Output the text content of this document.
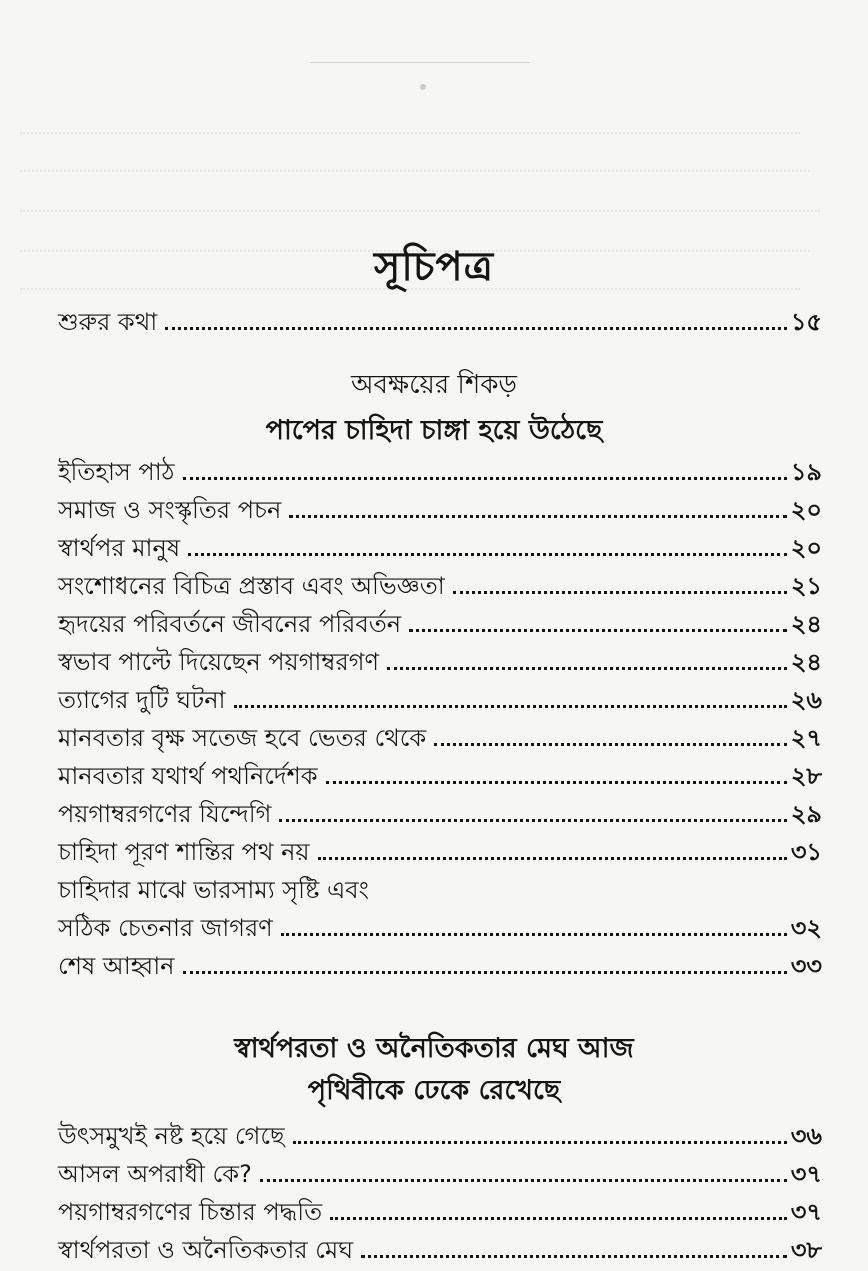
সূচিপত্র
শুরুর কথা	১৫
অবক্ষয়ের শিকড়
পাপের চাহিদা চাঙ্গা হয়ে উঠেছে
ইতিহাস পাঠ	১৯
সমাজ ও সংস্কৃতির পচন	২০
স্বার্থপর মানুষ	২০
সংশোধনের বিচিত্র প্রস্তাব এবং অভিজ্ঞতা	২১
হৃদয়ের পরিবর্তনে জীবনের পরিবর্তন	২৪
স্বভাব পাল্টে দিয়েছেন পয়গাম্বরগণ	২৪
ত্যাগের দুটি ঘটনা	২৬
মানবতার বৃক্ষ সতেজ হবে ভেতর থেকে	২৭
মানবতার যথার্থ পথনির্দেশক	২৮
পয়গাম্বরগণের যিন্দেগি	২৯
চাহিদা পূরণ শান্তির পথ নয়	৩১
চাহিদার মাঝে ভারসাম্য সৃষ্টি এবং
সঠিক চেতনার জাগরণ	৩২
শেষ আহ্বান	৩৩
স্বার্থপরতা ও অনৈতিকতার মেঘ আজ
পৃথিবীকে ঢেকে রেখেছে
উৎসমুখই নষ্ট হয়ে গেছে	৩৬
আসল অপরাধী কে?	৩৭
পয়গাম্বরগণের চিন্তার পদ্ধতি	৩৭
স্বার্থপরতা ও অনৈতিকতার মেঘ	৩৮
